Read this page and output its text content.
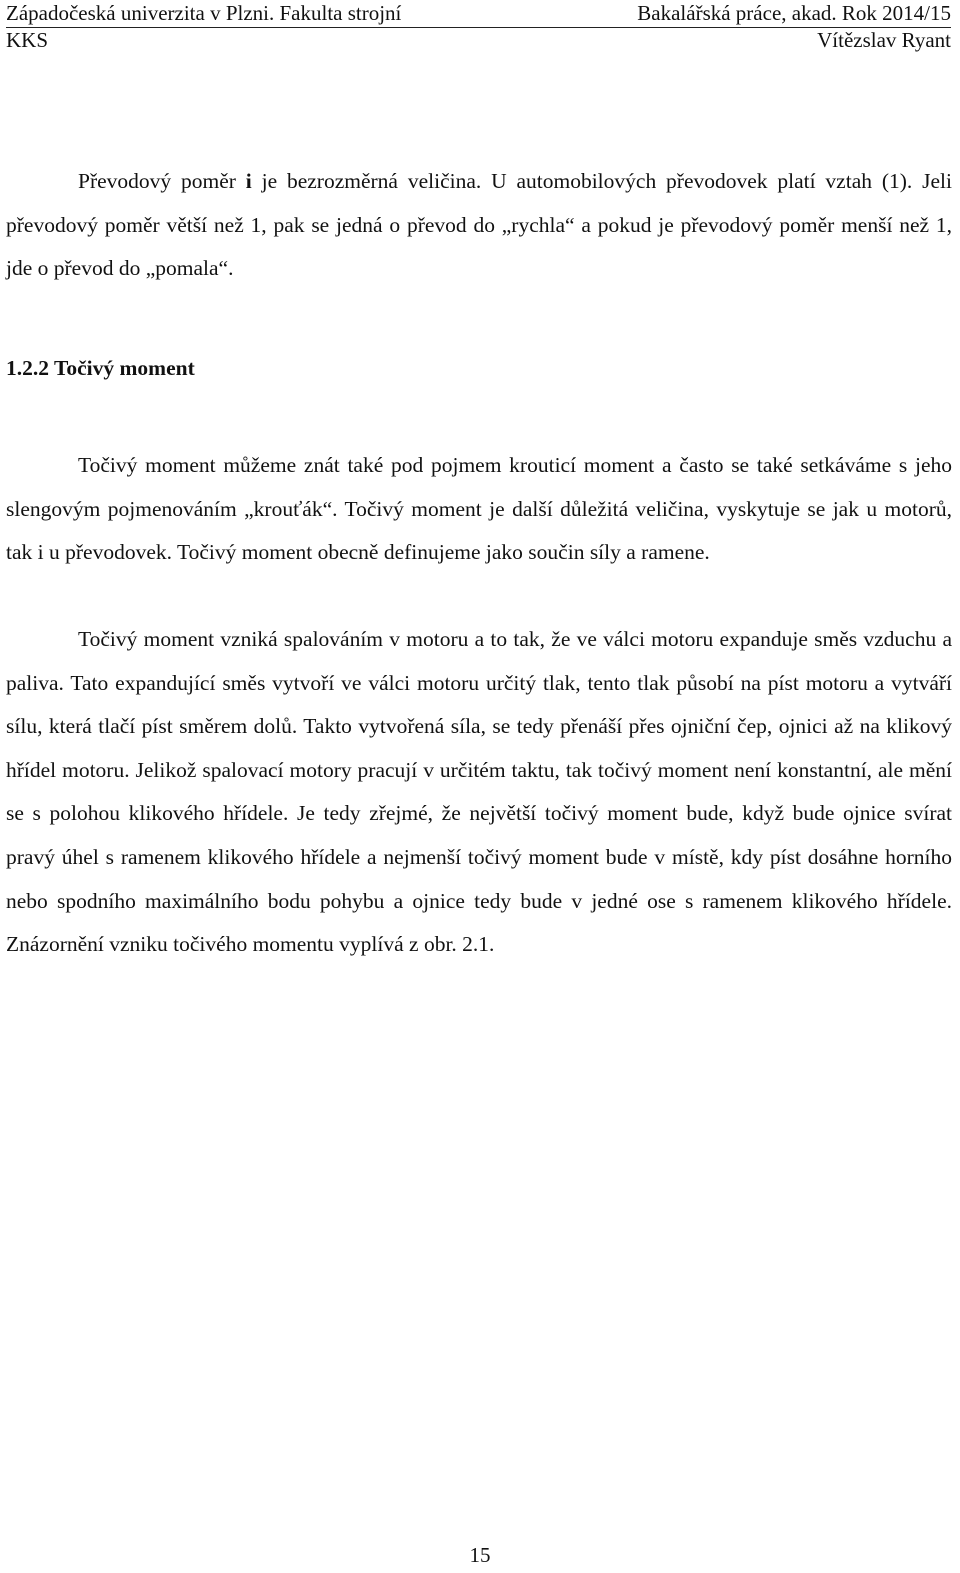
Západočeská univerzita v Plzni. Fakulta strojní	Bakalářská práce, akad. Rok 2014/15
KKS	Vítězslav Ryant

Převodový poměr i je bezrozměrná veličina. U automobilových převodovek platí vztah (1). Jeli převodový poměr větší než 1, pak se jedná o převod do „rychla“ a pokud je převodový poměr menší než 1, jde o převod do „pomala“.

1.2.2 Točivý moment

Točivý moment můžeme znát také pod pojmem krouticí moment a často se také setkáváme s jeho slengovým pojmenováním „krouťák“. Točivý moment je další důležitá veličina, vyskytuje se jak u motorů, tak i u převodovek. Točivý moment obecně definujeme jako součin síly a ramene.

Točivý moment vzniká spalováním v motoru a to tak, že ve válci motoru expanduje směs vzduchu a paliva. Tato expandující směs vytvoří ve válci motoru určitý tlak, tento tlak působí na píst motoru a vytváří sílu, která tlačí píst směrem dolů. Takto vytvořená síla, se tedy přenáší přes ojniční čep, ojnici až na klikový hřídel motoru. Jelikož spalovací motory pracují v určitém taktu, tak točivý moment není konstantní, ale mění se s polohou klikového hřídele. Je tedy zřejmé, že největší točivý moment bude, když bude ojnice svírat pravý úhel s ramenem klikového hřídele a nejmenší točivý moment bude v místě, kdy píst dosáhne horního nebo spodního maximálního bodu pohybu a ojnice tedy bude v jedné ose s ramenem klikového hřídele. Znázornění vzniku točivého momentu vyplívá z obr. 2.1.

15
